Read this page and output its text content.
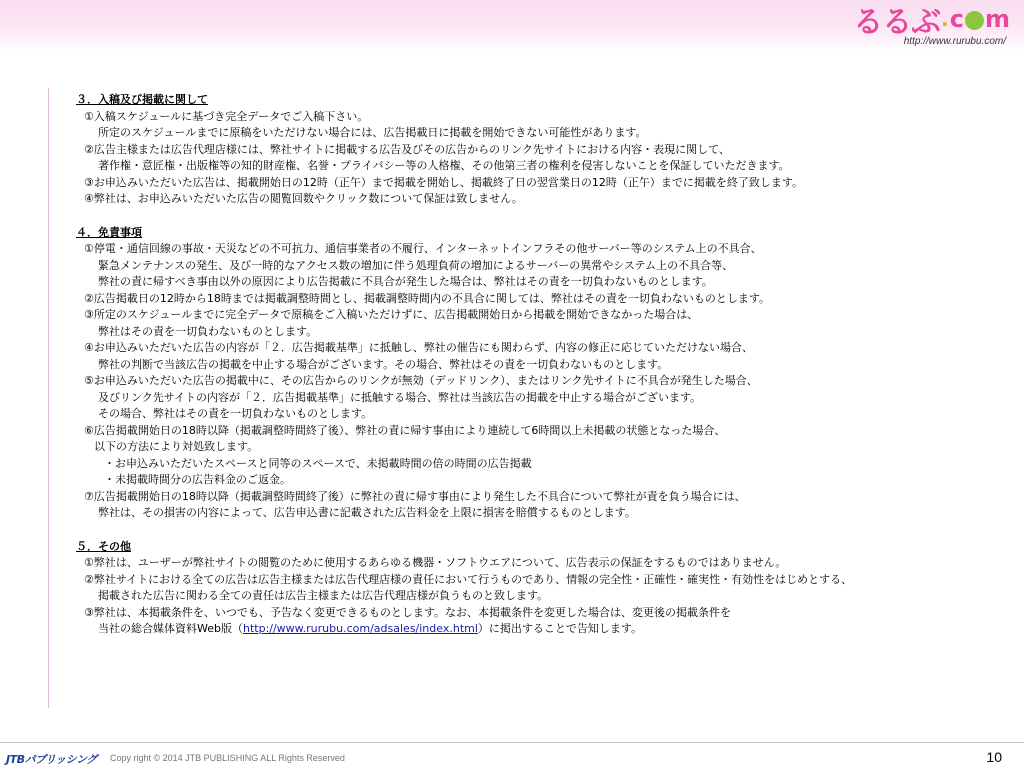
るるぶ . c m
http://www.rurubu.com/
３．入稿及び掲載に関して
①入稿スケジュールに基づき完全データでご入稿下さい。
所定のスケジュールまでに原稿をいただけない場合には、広告掲載日に掲載を開始できない可能性があります。
②広告主様または広告代理店様には、弊社サイトに掲載する広告及びその広告からのリンク先サイトにおける内容・表現に関して、
著作権・意匠権・出版権等の知的財産権、名誉・プライバシー等の人格権、その他第三者の権利を侵害しないことを保証していただきます。
③お申込みいただいた広告は、掲載開始日の12時（正午）まで掲載を開始し、掲載終了日の翌営業日の12時（正午）までに掲載を終了致します。
④弊社は、お申込みいただいた広告の閲覧回数やクリック数について保証は致しません。
４．免責事項
①停電・通信回線の事故・天災などの不可抗力、通信事業者の不履行、インターネットインフラその他サーバー等のシステム上の不具合、
緊急メンテナンスの発生、及び一時的なアクセス数の増加に伴う処理負荷の増加によるサーバーの異常やシステム上の不具合等、
弊社の責に帰すべき事由以外の原因により広告掲載に不具合が発生した場合は、弊社はその責を一切負わないものとします。
②広告掲載日の12時から18時までは掲載調整時間とし、掲載調整時間内の不具合に関しては、弊社はその責を一切負わないものとします。
③所定のスケジュールまでに完全データで原稿をご入稿いただけずに、広告掲載開始日から掲載を開始できなかった場合は、
弊社はその責を一切負わないものとします。
④お申込みいただいた広告の内容が「２．広告掲載基準」に抵触し、弊社の催告にも関わらず、内容の修正に応じていただけない場合、
弊社の判断で当該広告の掲載を中止する場合がございます。その場合、弊社はその責を一切負わないものとします。
⑤お申込みいただいた広告の掲載中に、その広告からのリンクが無効（デッドリンク）、またはリンク先サイトに不具合が発生した場合、
及びリンク先サイトの内容が「２．広告掲載基準」に抵触する場合、弊社は当該広告の掲載を中止する場合がございます。
その場合、弊社はその責を一切負わないものとします。
⑥広告掲載開始日の18時以降（掲載調整時間終了後）、弊社の責に帰す事由により連続して6時間以上未掲載の状態となった場合、
以下の方法により対処致します。
・お申込みいただいたスペースと同等のスペースで、未掲載時間の倍の時間の広告掲載
・未掲載時間分の広告料金のご返金。
⑦広告掲載開始日の18時以降（掲載調整時間終了後）に弊社の責に帰す事由により発生した不具合について弊社が責を負う場合には、
弊社は、その損害の内容によって、広告申込書に記載された広告料金を上限に損害を賠償するものとします。
５．その他
①弊社は、ユーザーが弊社サイトの閲覧のために使用するあらゆる機器・ソフトウエアについて、広告表示の保証をするものではありません。
②弊社サイトにおける全ての広告は広告主様または広告代理店様の責任において行うものであり、情報の完全性・正確性・確実性・有効性をはじめとする、
掲載された広告に関わる全ての責任は広告主様または広告代理店様が負うものと致します。
③弊社は、本掲載条件を、いつでも、予告なく変更できるものとします。なお、本掲載条件を変更した場合は、変更後の掲載条件を
当社の総合媒体資料Web版（http://www.rurubu.com/adsales/index.html）に掲出することで告知します。
JTBパブリッシング Copy right © 2014 JTB PUBLISHING ALL Rights Reserved	10
